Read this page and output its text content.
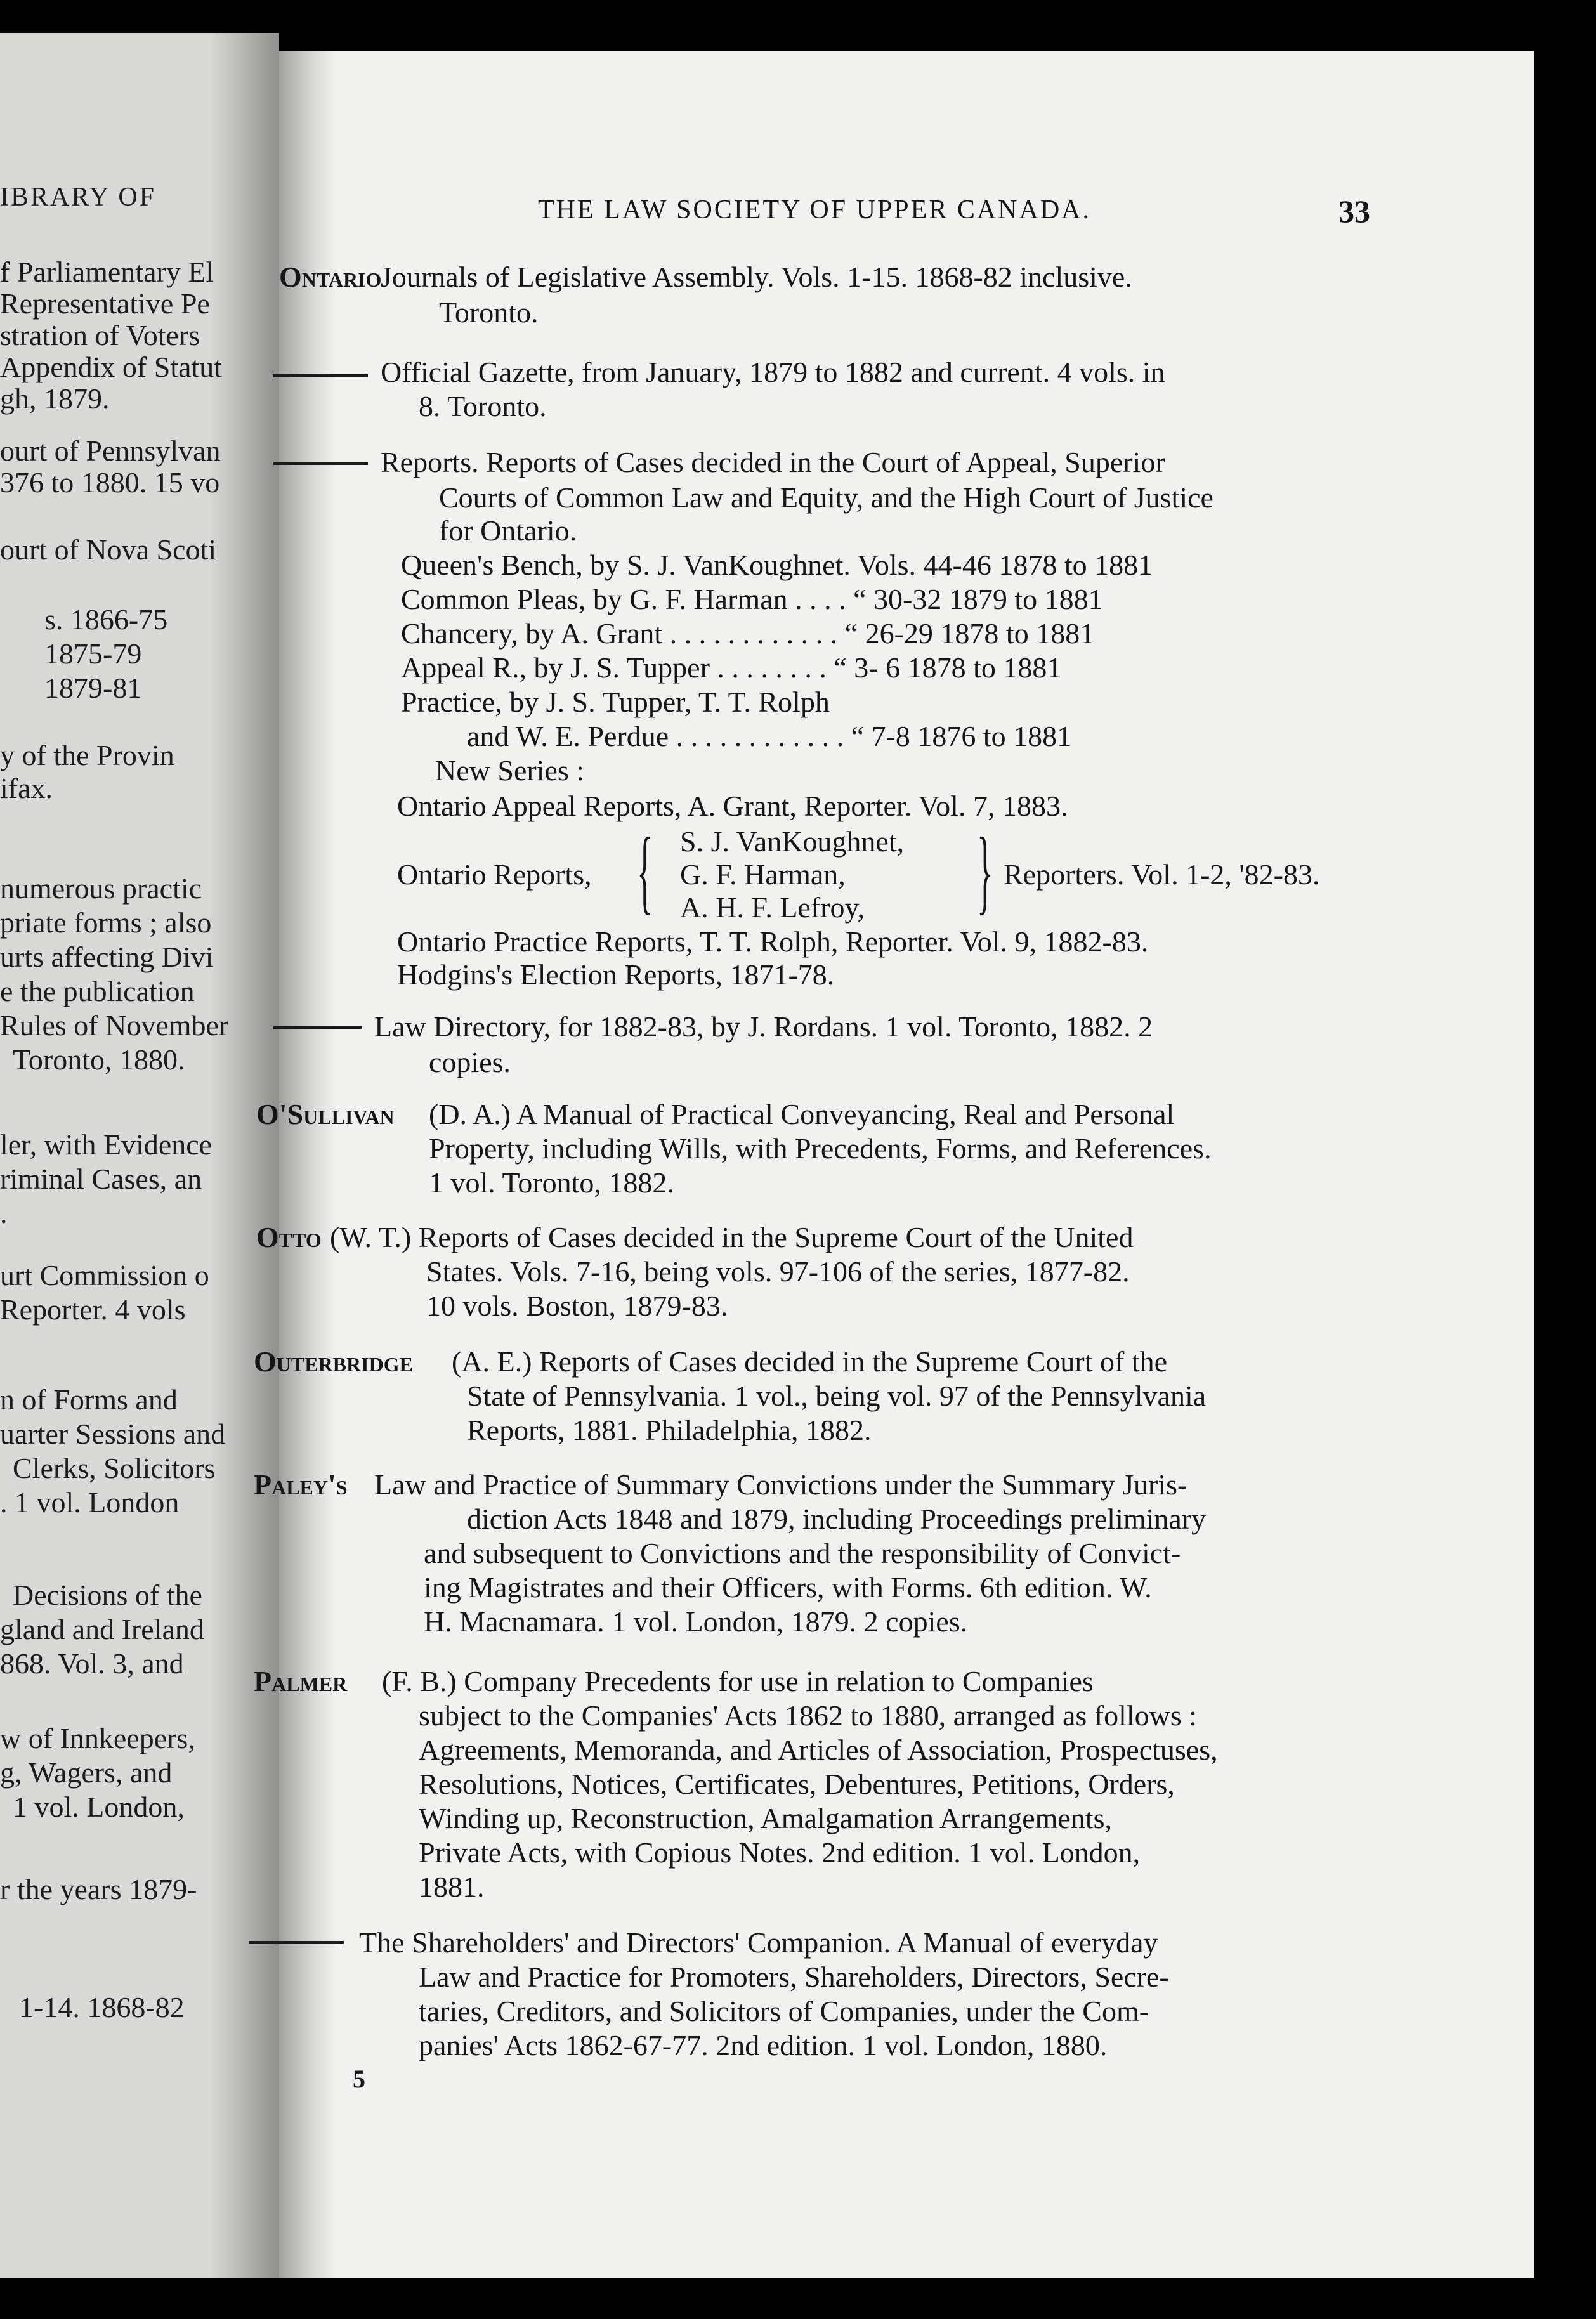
IBRARY OF
f Parliamentary El
Representative Pe
stration of Voters
Appendix of Statut
gh, 1879.
ourt of Pennsylvan
376 to 1880. 15 vo
ourt of Nova Scoti
s. 1866-75
1875-79
1879-81
y of the Provin
ifax.
numerous practic
priate forms ; also
urts affecting Divi
e the publication
Rules of November
Toronto, 1880.
ler, with Evidence
riminal Cases, an
.
urt Commission o
Reporter. 4 vols
n of Forms and
uarter Sessions and
Clerks, Solicitors
. 1 vol. London
Decisions of the
gland and Ireland
868. Vol. 3, and
w of Innkeepers,
g, Wagers, and
1 vol. London,
r the years 1879-
1-14. 1868-82
THE LAW SOCIETY OF UPPER CANADA.	33
Ontario
Journals of Legislative Assembly. Vols. 1-15. 1868-82 inclusive.
Toronto.
Official Gazette, from January, 1879 to 1882 and current. 4 vols. in
8. Toronto.
Reports. Reports of Cases decided in the Court of Appeal, Superior
Courts of Common Law and Equity, and the High Court of Justice
for Ontario.
Queen's Bench, by S. J. VanKoughnet. Vols. 44-46 1878 to 1881
Common Pleas, by G. F. Harman . . . . “ 30-32 1879 to 1881
Chancery, by A. Grant . . . . . . . . . . . . “ 26-29 1878 to 1881
Appeal R., by J. S. Tupper . . . . . . . . “ 3- 6 1878 to 1881
Practice, by J. S. Tupper, T. T. Rolph
and W. E. Perdue . . . . . . . . . . . . “ 7-8 1876 to 1881
New Series :
Ontario Appeal Reports, A. Grant, Reporter. Vol. 7, 1883.
Ontario Reports, { S. J. VanKoughnet,
G. F. Harman,
A. H. F. Lefroy, } Reporters. Vol. 1-2, '82-83.
Ontario Practice Reports, T. T. Rolph, Reporter. Vol. 9, 1882-83.
Hodgins's Election Reports, 1871-78.
Law Directory, for 1882-83, by J. Rordans. 1 vol. Toronto, 1882. 2
copies.
O'Sullivan (D. A.) A Manual of Practical Conveyancing, Real and Personal
Property, including Wills, with Precedents, Forms, and References.
1 vol. Toronto, 1882.
Otto (W. T.) Reports of Cases decided in the Supreme Court of the United
States. Vols. 7-16, being vols. 97-106 of the series, 1877-82.
10 vols. Boston, 1879-83.
Outerbridge (A. E.) Reports of Cases decided in the Supreme Court of the
State of Pennsylvania. 1 vol., being vol. 97 of the Pennsylvania
Reports, 1881. Philadelphia, 1882.
Paley's Law and Practice of Summary Convictions under the Summary Juris-
diction Acts 1848 and 1879, including Proceedings preliminary
and subsequent to Convictions and the responsibility of Convict-
ing Magistrates and their Officers, with Forms. 6th edition. W.
H. Macnamara. 1 vol. London, 1879. 2 copies.
Palmer (F. B.) Company Precedents for use in relation to Companies
subject to the Companies' Acts 1862 to 1880, arranged as follows :
Agreements, Memoranda, and Articles of Association, Prospectuses,
Resolutions, Notices, Certificates, Debentures, Petitions, Orders,
Winding up, Reconstruction, Amalgamation Arrangements,
Private Acts, with Copious Notes. 2nd edition. 1 vol. London,
1881.
The Shareholders' and Directors' Companion. A Manual of everyday
Law and Practice for Promoters, Shareholders, Directors, Secre-
taries, Creditors, and Solicitors of Companies, under the Com-
panies' Acts 1862-67-77. 2nd edition. 1 vol. London, 1880.
5
